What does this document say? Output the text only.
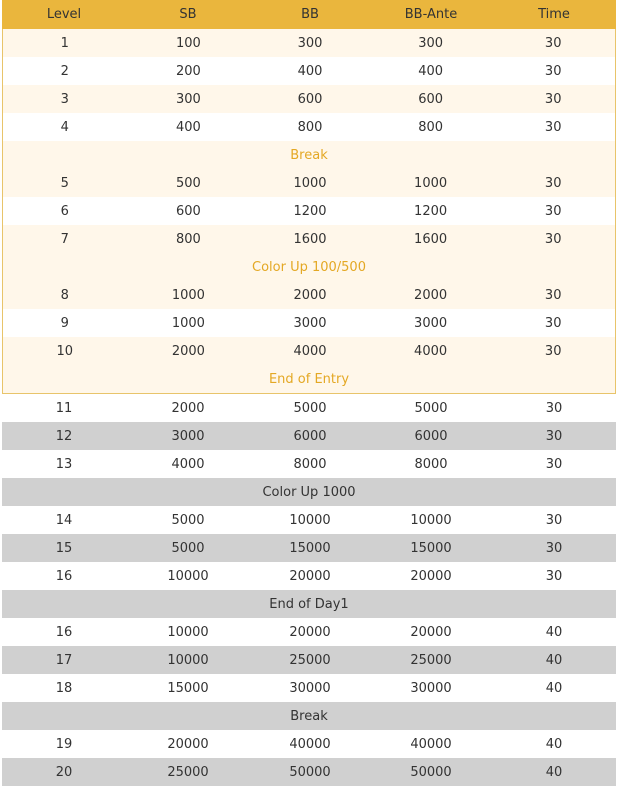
Level	SB	BB	BB-Ante	Time
1	100	300	300	30
2	200	400	400	30
3	300	600	600	30
4	400	800	800	30
Break
5	500	1000	1000	30
6	600	1200	1200	30
7	800	1600	1600	30
Color Up 100/500
8	1000	2000	2000	30
9	1000	3000	3000	30
10	2000	4000	4000	30
End of Entry
11	2000	5000	5000	30
12	3000	6000	6000	30
13	4000	8000	8000	30
Color Up 1000
14	5000	10000	10000	30
15	5000	15000	15000	30
16	10000	20000	20000	30
End of Day1
16	10000	20000	20000	40
17	10000	25000	25000	40
18	15000	30000	30000	40
Break
19	20000	40000	40000	40
20	25000	50000	50000	40
